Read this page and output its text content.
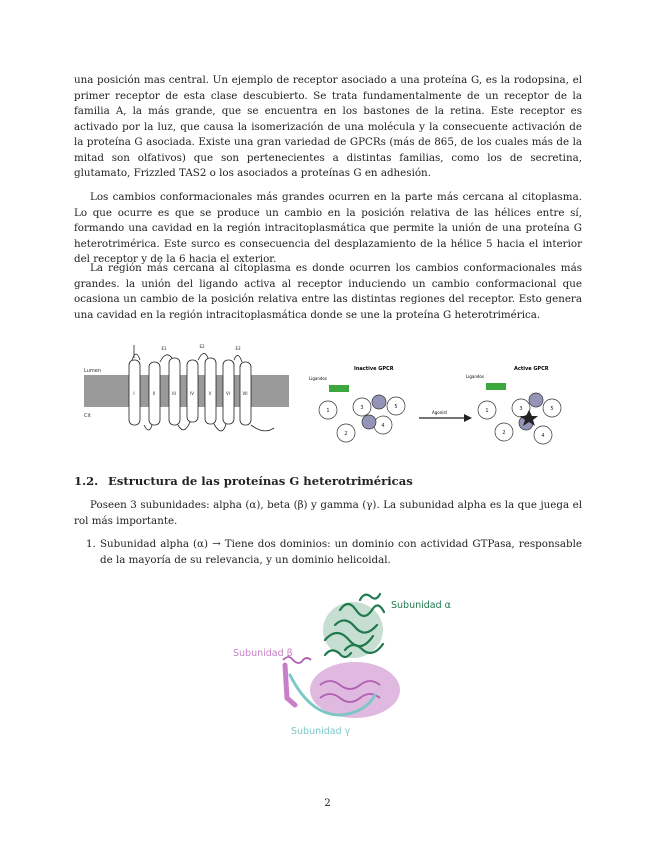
una posición mas central. Un ejemplo de receptor asociado a una proteína G, es la rodopsina, el primer receptor de esta clase descubierto. Se trata fundamentalmente de un receptor de la familia A, la más grande, que se encuentra en los bastones de la retina. Este receptor es activado por la luz, que causa la isomerización de una molécula y la consecuente activación de la proteína G asociada. Existe una gran variedad de GPCRs (más de 865, de los cuales más de la mitad son olfativos) que son pertenecientes a distintas familias, como los de secretina, glutamato, Frizzled TAS2 o los asociados a proteínas G en adhesión.

Los cambios conformacionales más grandes ocurren en la parte más cercana al citoplasma. Lo que ocurre es que se produce un cambio en la posición relativa de las hélices entre sí, formando una cavidad en la región intracitoplasmática que permite la unión de una proteína G heterotrimérica. Este surco es consecuencia del desplazamiento de la hélice 5 hacia el interior del receptor y de la 6 hacia el exterior.

La región más cercana al citoplasma es donde ocurren los cambios conformacionales más grandes. la unión del ligando activa al receptor induciendo un cambio conformacional que ocasiona un cambio de la posición relativa entre las distintas regiones del receptor. Esto genera una cavidad en la región intracitoplasmática donde se une la proteína G heterotrimérica.

Lumen
Cit
I	II	III	IV	V	VI	VII
E1	E2	E3
Inactive GPCR
Ligandos
1
2
3
4
5
Agonist
Active GPCR
Ligandos
1
2
3
4
5
1.2. Estructura de las proteínas G heterotriméricas

Poseen 3 subunidades: alpha (α), beta (β) y gamma (γ). La subunidad alpha es la que juega el rol más importante.

1. Subunidad alpha (α) → Tiene dos dominios: un dominio con actividad GTPasa, responsable de la mayoría de su relevancia, y un dominio helicoidal.
Subunidad α
Subunidad β
Subunidad γ
2
